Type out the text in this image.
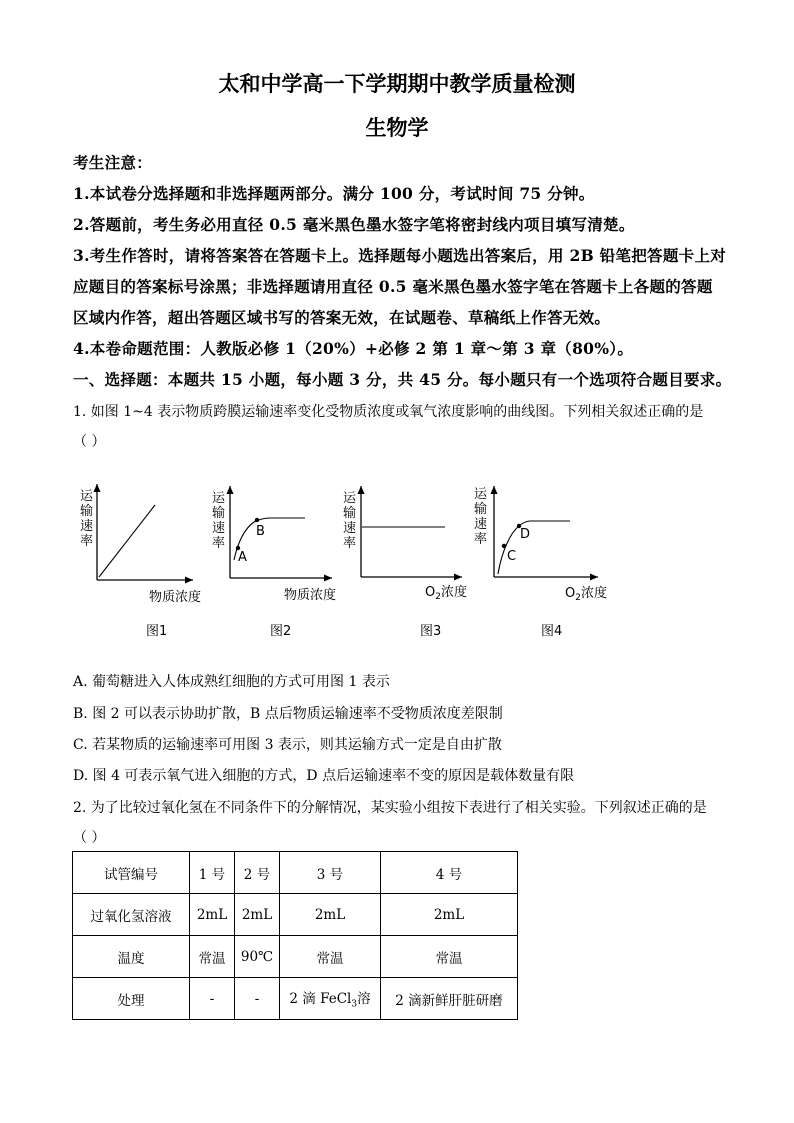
太和中学高一下学期期中教学质量检测
生物学
考生注意：
1.本试卷分选择题和非选择题两部分。满分 100 分，考试时间 75 分钟。
2.答题前，考生务必用直径 0.5 毫米黑色墨水签字笔将密封线内项目填写清楚。
3.考生作答时，请将答案答在答题卡上。选择题每小题选出答案后，用 2B 铅笔把答题卡上对
应题目的答案标号涂黑；非选择题请用直径 0.5 毫米黑色墨水签字笔在答题卡上各题的答题
区域内作答，超出答题区域书写的答案无效，在试题卷、草稿纸上作答无效。
4.本卷命题范围：人教版必修 1（20%）+必修 2 第 1 章～第 3 章（80%）。
一、选择题：本题共 15 小题，每小题 3 分，共 45 分。每小题只有一个选项符合题目要求。
1. 如图 1~4 表示物质跨膜运输速率变化受物质浓度或氧气浓度影响的曲线图。下列相关叙述正确的是
（ ）
运
输
速
率
物质浓度
图1
运
输
速
率
A
B
物质浓度
图2
运
输
速
率
$O_2$浓度
图3
运
输
速
率
C
D
$O_2$浓度
图4
A. 葡萄糖进入人体成熟红细胞的方式可用图 1 表示
B. 图 2 可以表示协助扩散，B 点后物质运输速率不受物质浓度差限制
C. 若某物质的运输速率可用图 3 表示，则其运输方式一定是自由扩散
D. 图 4 可表示氧气进入细胞的方式，D 点后运输速率不变的原因是载体数量有限
2. 为了比较过氧化氢在不同条件下的分解情况，某实验小组按下表进行了相关实验。下列叙述正确的是
（ ）
试管编号	1 号	2 号	3 号	4 号
过氧化氢溶液	2mL	2mL	2mL	2mL
温度	常温	90℃	常温	常温
处理	-	-	2 滴 FeCl$_3$溶	2 滴新鲜肝脏研磨
